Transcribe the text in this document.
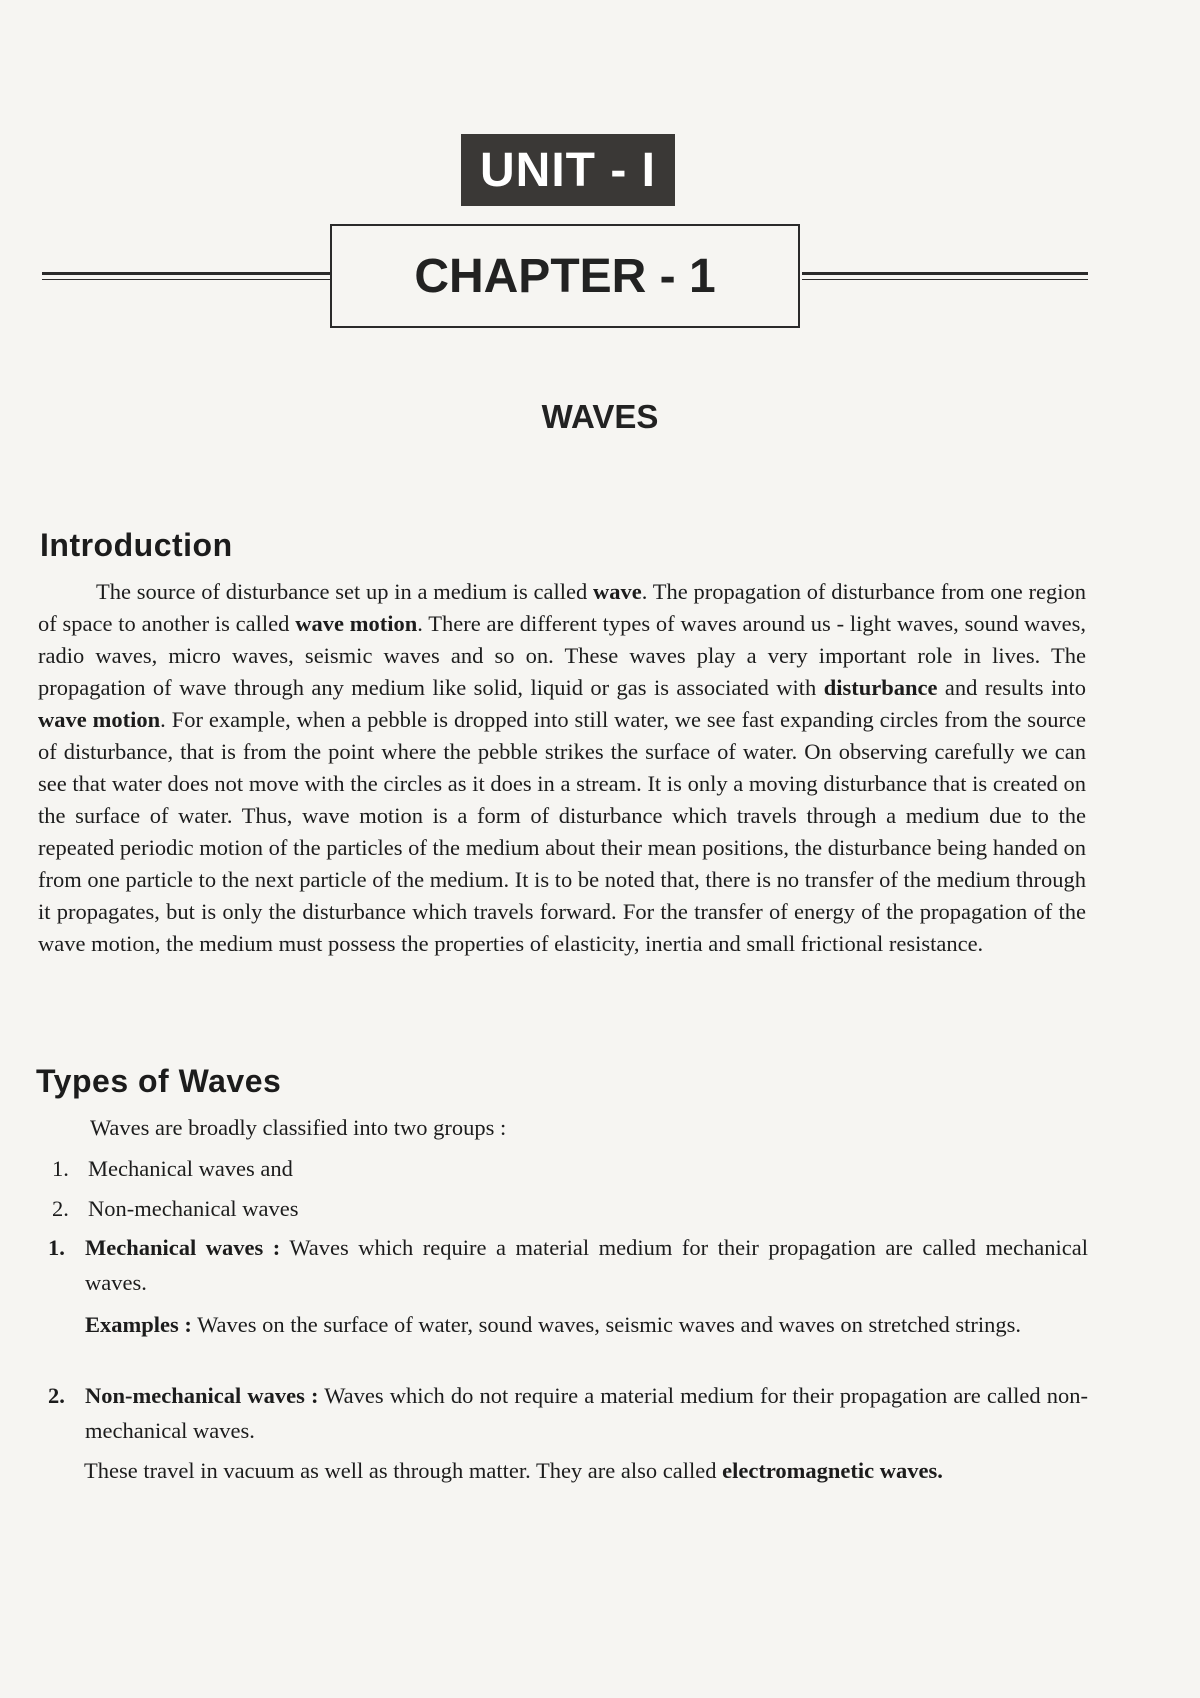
UNIT - I
CHAPTER - 1
WAVES
Introduction

The source of disturbance set up in a medium is called wave. The propagation of disturbance from one region of space to another is called wave motion. There are different types of waves around us - light waves, sound waves, radio waves, micro waves, seismic waves and so on. These waves play a very important role in lives. The propagation of wave through any medium like solid, liquid or gas is associated with disturbance and results into wave motion. For example, when a pebble is dropped into still water, we see fast expanding circles from the source of disturbance, that is from the point where the pebble strikes the surface of water. On observing carefully we can see that water does not move with the circles as it does in a stream. It is only a moving disturbance that is created on the surface of water. Thus, wave motion is a form of disturbance which travels through a medium due to the repeated periodic motion of the particles of the medium about their mean positions, the disturbance being handed on from one particle to the next particle of the medium. It is to be noted that, there is no transfer of the medium through it propagates, but is only the disturbance which travels forward. For the transfer of energy of the propagation of the wave motion, the medium must possess the properties of elasticity, inertia and small frictional resistance.

Types of Waves

Waves are broadly classified into two groups :

1. Mechanical waves and

2. Non-mechanical waves

1. Mechanical waves : Waves which require a material medium for their propagation are called mechanical waves.
Examples : Waves on the surface of water, sound waves, seismic waves and waves on stretched strings.
2. Non-mechanical waves : Waves which do not require a material medium for their propagation are called non-mechanical waves.

These travel in vacuum as well as through matter. They are also called electromagnetic waves.
